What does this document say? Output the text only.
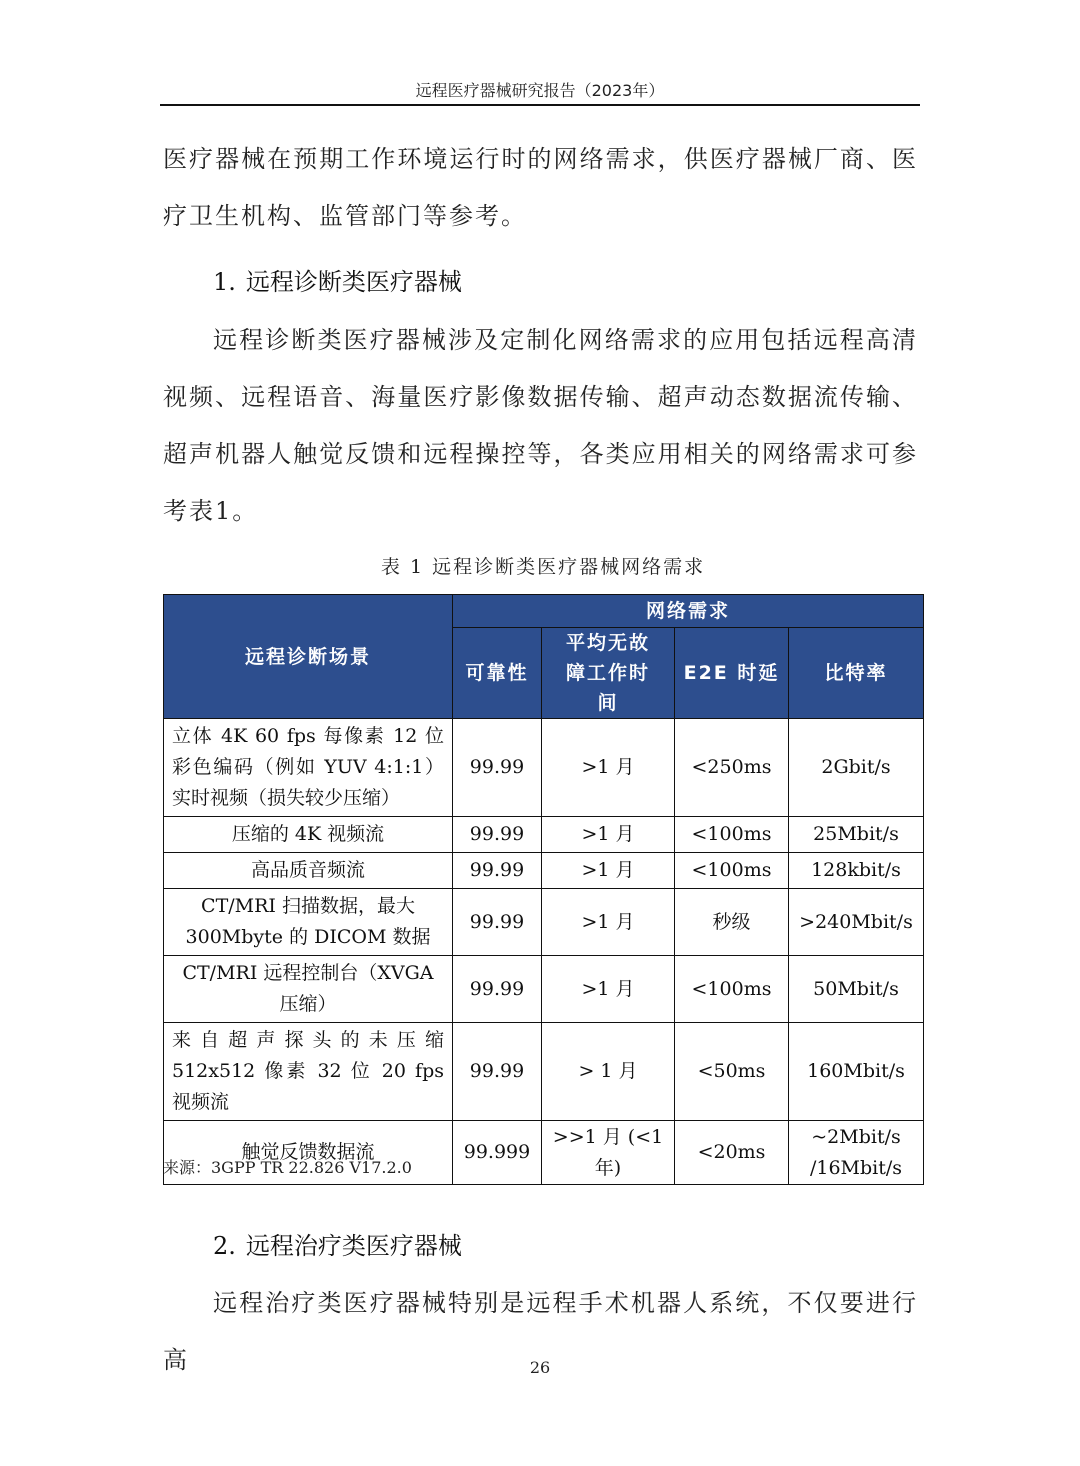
远程医疗器械研究报告（2023年）

医疗器械在预期工作环境运行时的网络需求，供医疗器械厂商、医疗卫生机构、监管部门等参考。

1. 远程诊断类医疗器械

远程诊断类医疗器械涉及定制化网络需求的应用包括远程高清视频、远程语音、海量医疗影像数据传输、超声动态数据流传输、超声机器人触觉反馈和远程操控等，各类应用相关的网络需求可参考表1。

表 1 远程诊断类医疗器械网络需求
远程诊断场景	网络需求			
	可靠性	平均无故障工作时间	E2E 时延	比特率
立体 4K 60 fps 每像素 12 位彩色编码（例如 YUV 4:1:1）实时视频（损失较少压缩）	99.99	>1 月	<250ms	2Gbit/s
压缩的 4K 视频流	99.99	>1 月	<100ms	25Mbit/s
高品质音频流	99.99	>1 月	<100ms	128kbit/s
CT/MRI 扫描数据，最大 300Mbyte 的 DICOM 数据	99.99	>1 月	秒级	>240Mbit/s
CT/MRI 远程控制台（XVGA 压缩）	99.99	>1 月	<100ms	50Mbit/s
来自超声探头的未压缩 512x512 像素 32 位 20 fps 视频流	99.99	> 1 月	<50ms	160Mbit/s
触觉反馈数据流	99.999	>>1 月 (<1 年)	<20ms	~2Mbit/s /16Mbit/s
来源：3GPP TR 22.826 V17.2.0
2. 远程治疗类医疗器械

远程治疗类医疗器械特别是远程手术机器人系统，不仅要进行高	26
